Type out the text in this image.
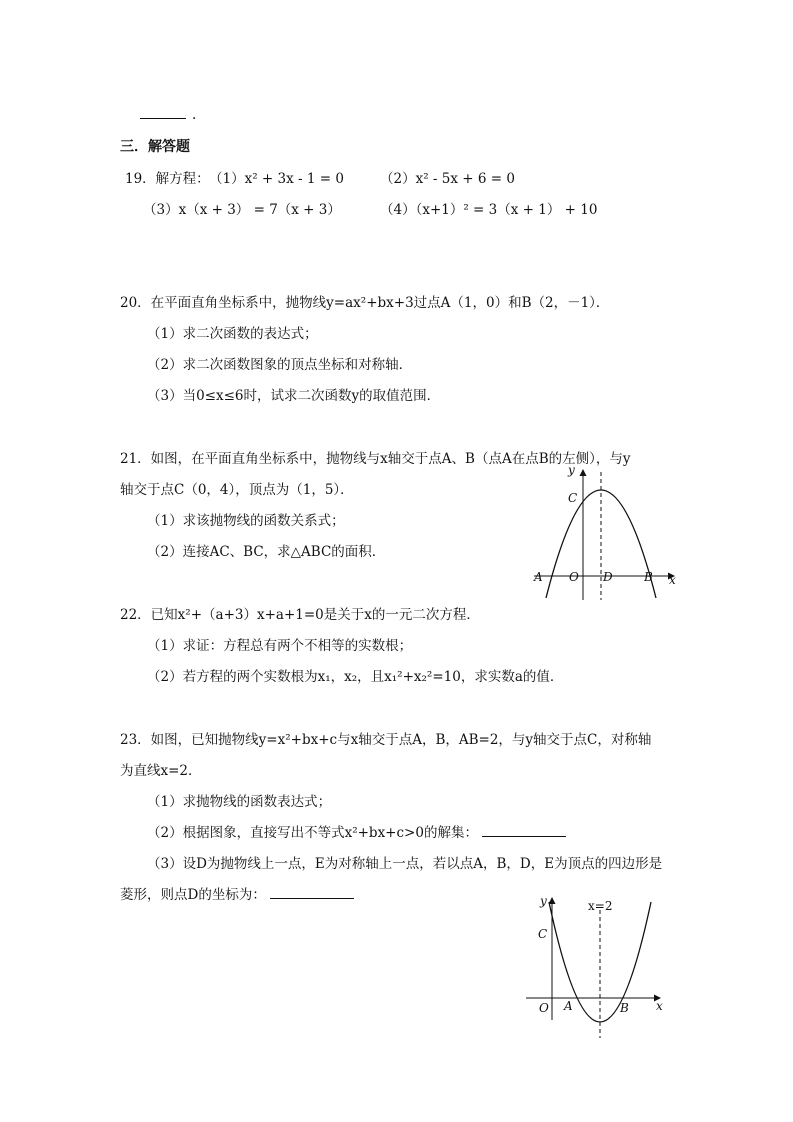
.
三．解答题
19．解方程： （1）x² + 3x - 1 = 0	（2）x² - 5x + 6 = 0
（3）x（x + 3） = 7（x + 3）	（4）（x+1）² = 3（x + 1） + 10
20．在平面直角坐标系中，抛物线y=ax²+bx+3过点A（1，0）和B（2，－1）．
（1）求二次函数的表达式；
（2）求二次函数图象的顶点坐标和对称轴．
（3）当0≤x≤6时，试求二次函数y的取值范围．
21．如图，在平面直角坐标系中，抛物线与x轴交于点A、B（点A在点B的左侧），与y
轴交于点C（0，4），顶点为（1，5）．
（1）求该抛物线的函数关系式；
（2）连接AC、BC，求△ABC的面积．
y
C
A O D	B x
22．已知x²+（a+3）x+a+1=0是关于x的一元二次方程．
（1）求证：方程总有两个不相等的实数根；
（2）若方程的两个实数根为x₁，x₂，且x₁²+x₂²=10，求实数a的值．
23．如图，已知抛物线y=x²+bx+c与x轴交于点A，B，AB=2，与y轴交于点C，对称轴
为直线x=2．
（1）求抛物线的函数表达式；
（2）根据图象，直接写出不等式x²+bx+c>0的解集：
（3）设D为抛物线上一点，E为对称轴上一点，若以点A，B，D，E为顶点的四边形是
菱形，则点D的坐标为：	y	x=2
C
O A	B x
